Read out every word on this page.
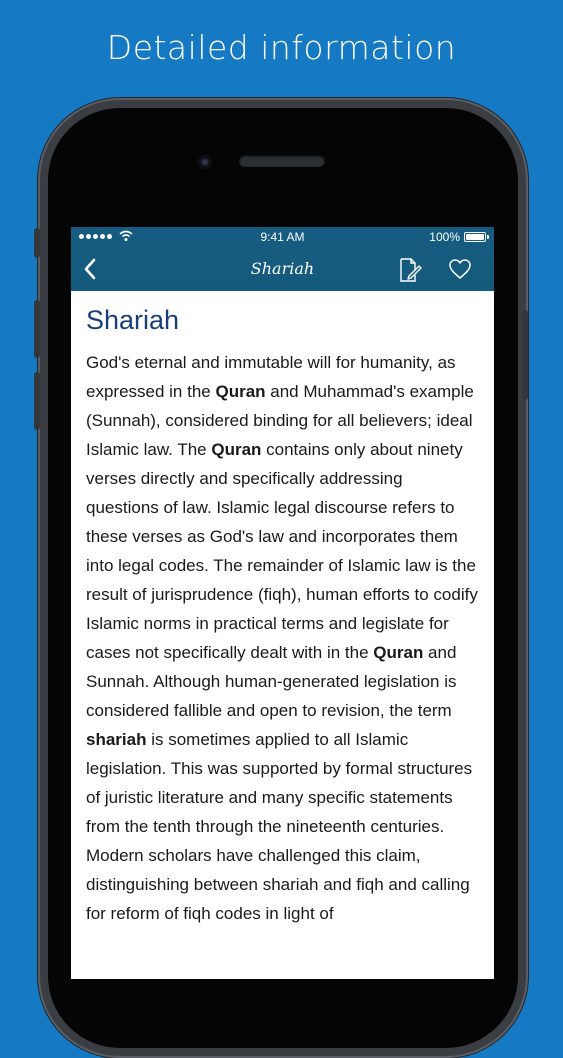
Detailed information
9:41 AM	100%
Shariah
Shariah

God's eternal and immutable will for humanity, as expressed in the Quran and Muhammad's example (Sunnah), considered binding for all believers; ideal Islamic law. The Quran contains only about ninety verses directly and specifically addressing questions of law. Islamic legal discourse refers to these verses as God's law and incorporates them into legal codes. The remainder of Islamic law is the result of jurisprudence (fiqh), human efforts to codify Islamic norms in practical terms and legislate for cases not specifically dealt with in the Quran and Sunnah. Although human-generated legislation is considered fallible and open to revision, the term shariah is sometimes applied to all Islamic legislation. This was supported by formal structures of juristic literature and many specific statements from the tenth through the nineteenth centuries. Modern scholars have challenged this claim, distinguishing between shariah and fiqh and calling for reform of fiqh codes in light of
